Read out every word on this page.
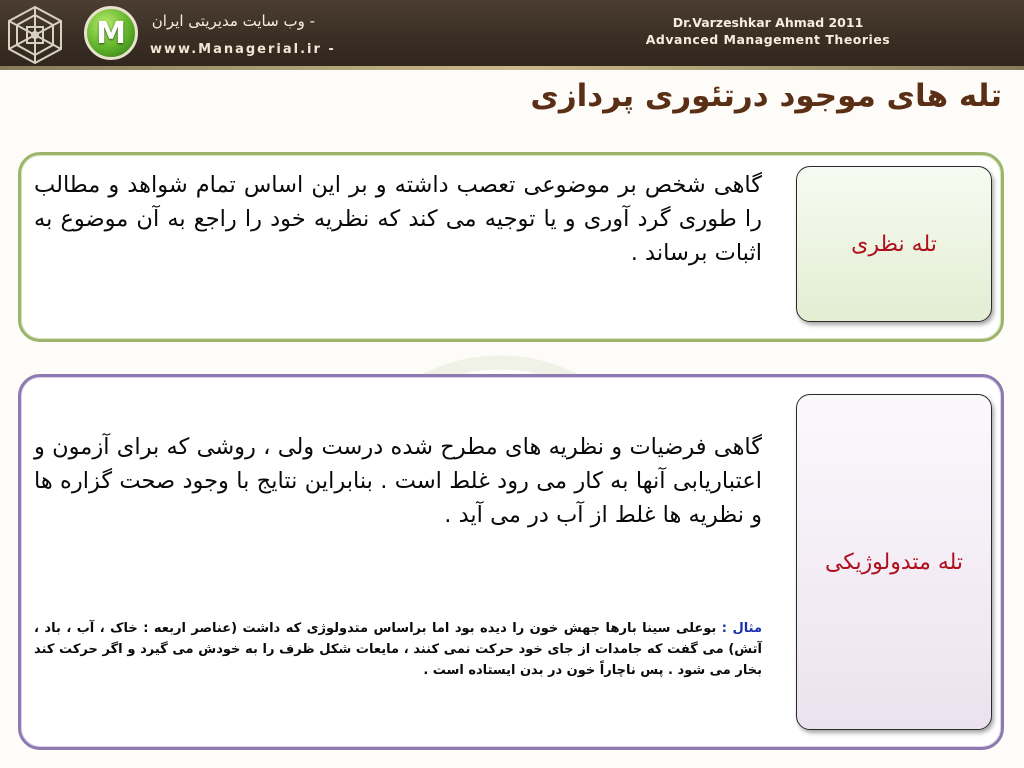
M	- وب سایت مدیریتی ایران
www.Managerial.ir -
Dr.Varzeshkar Ahmad 2011
Advanced Management Theories
تله های موجود درتئوری پردازی
تله نظری
گاهی شخص بر موضوعی تعصب داشته و بر این اساس تمام شواهد و مطالب را طوری گرد آوری و یا توجیه می کند که نظریه خود را راجع به آن موضوع به اثبات برساند .
تله متدولوژیکی
گاهی فرضیات و نظریه های مطرح شده درست ولی ، روشی که برای آزمون و اعتباریابی آنها به کار می رود غلط است . بنابراین نتایج با وجود صحت گزاره ها و نظریه ها غلط از آب در می آید .
مثال : بوعلی سینا بارها جهش خون را دیده بود اما براساس متدولوژی که داشت (عناصر اربعه : خاک ، آب ، باد ، آتش) می گفت که جامدات از جای خود حرکت نمی کنند ، مایعات شکل ظرف را به خودش می گیرد و اگر حرکت کند بخار می شود . پس ناچاراً خون در بدن ایستاده است .
